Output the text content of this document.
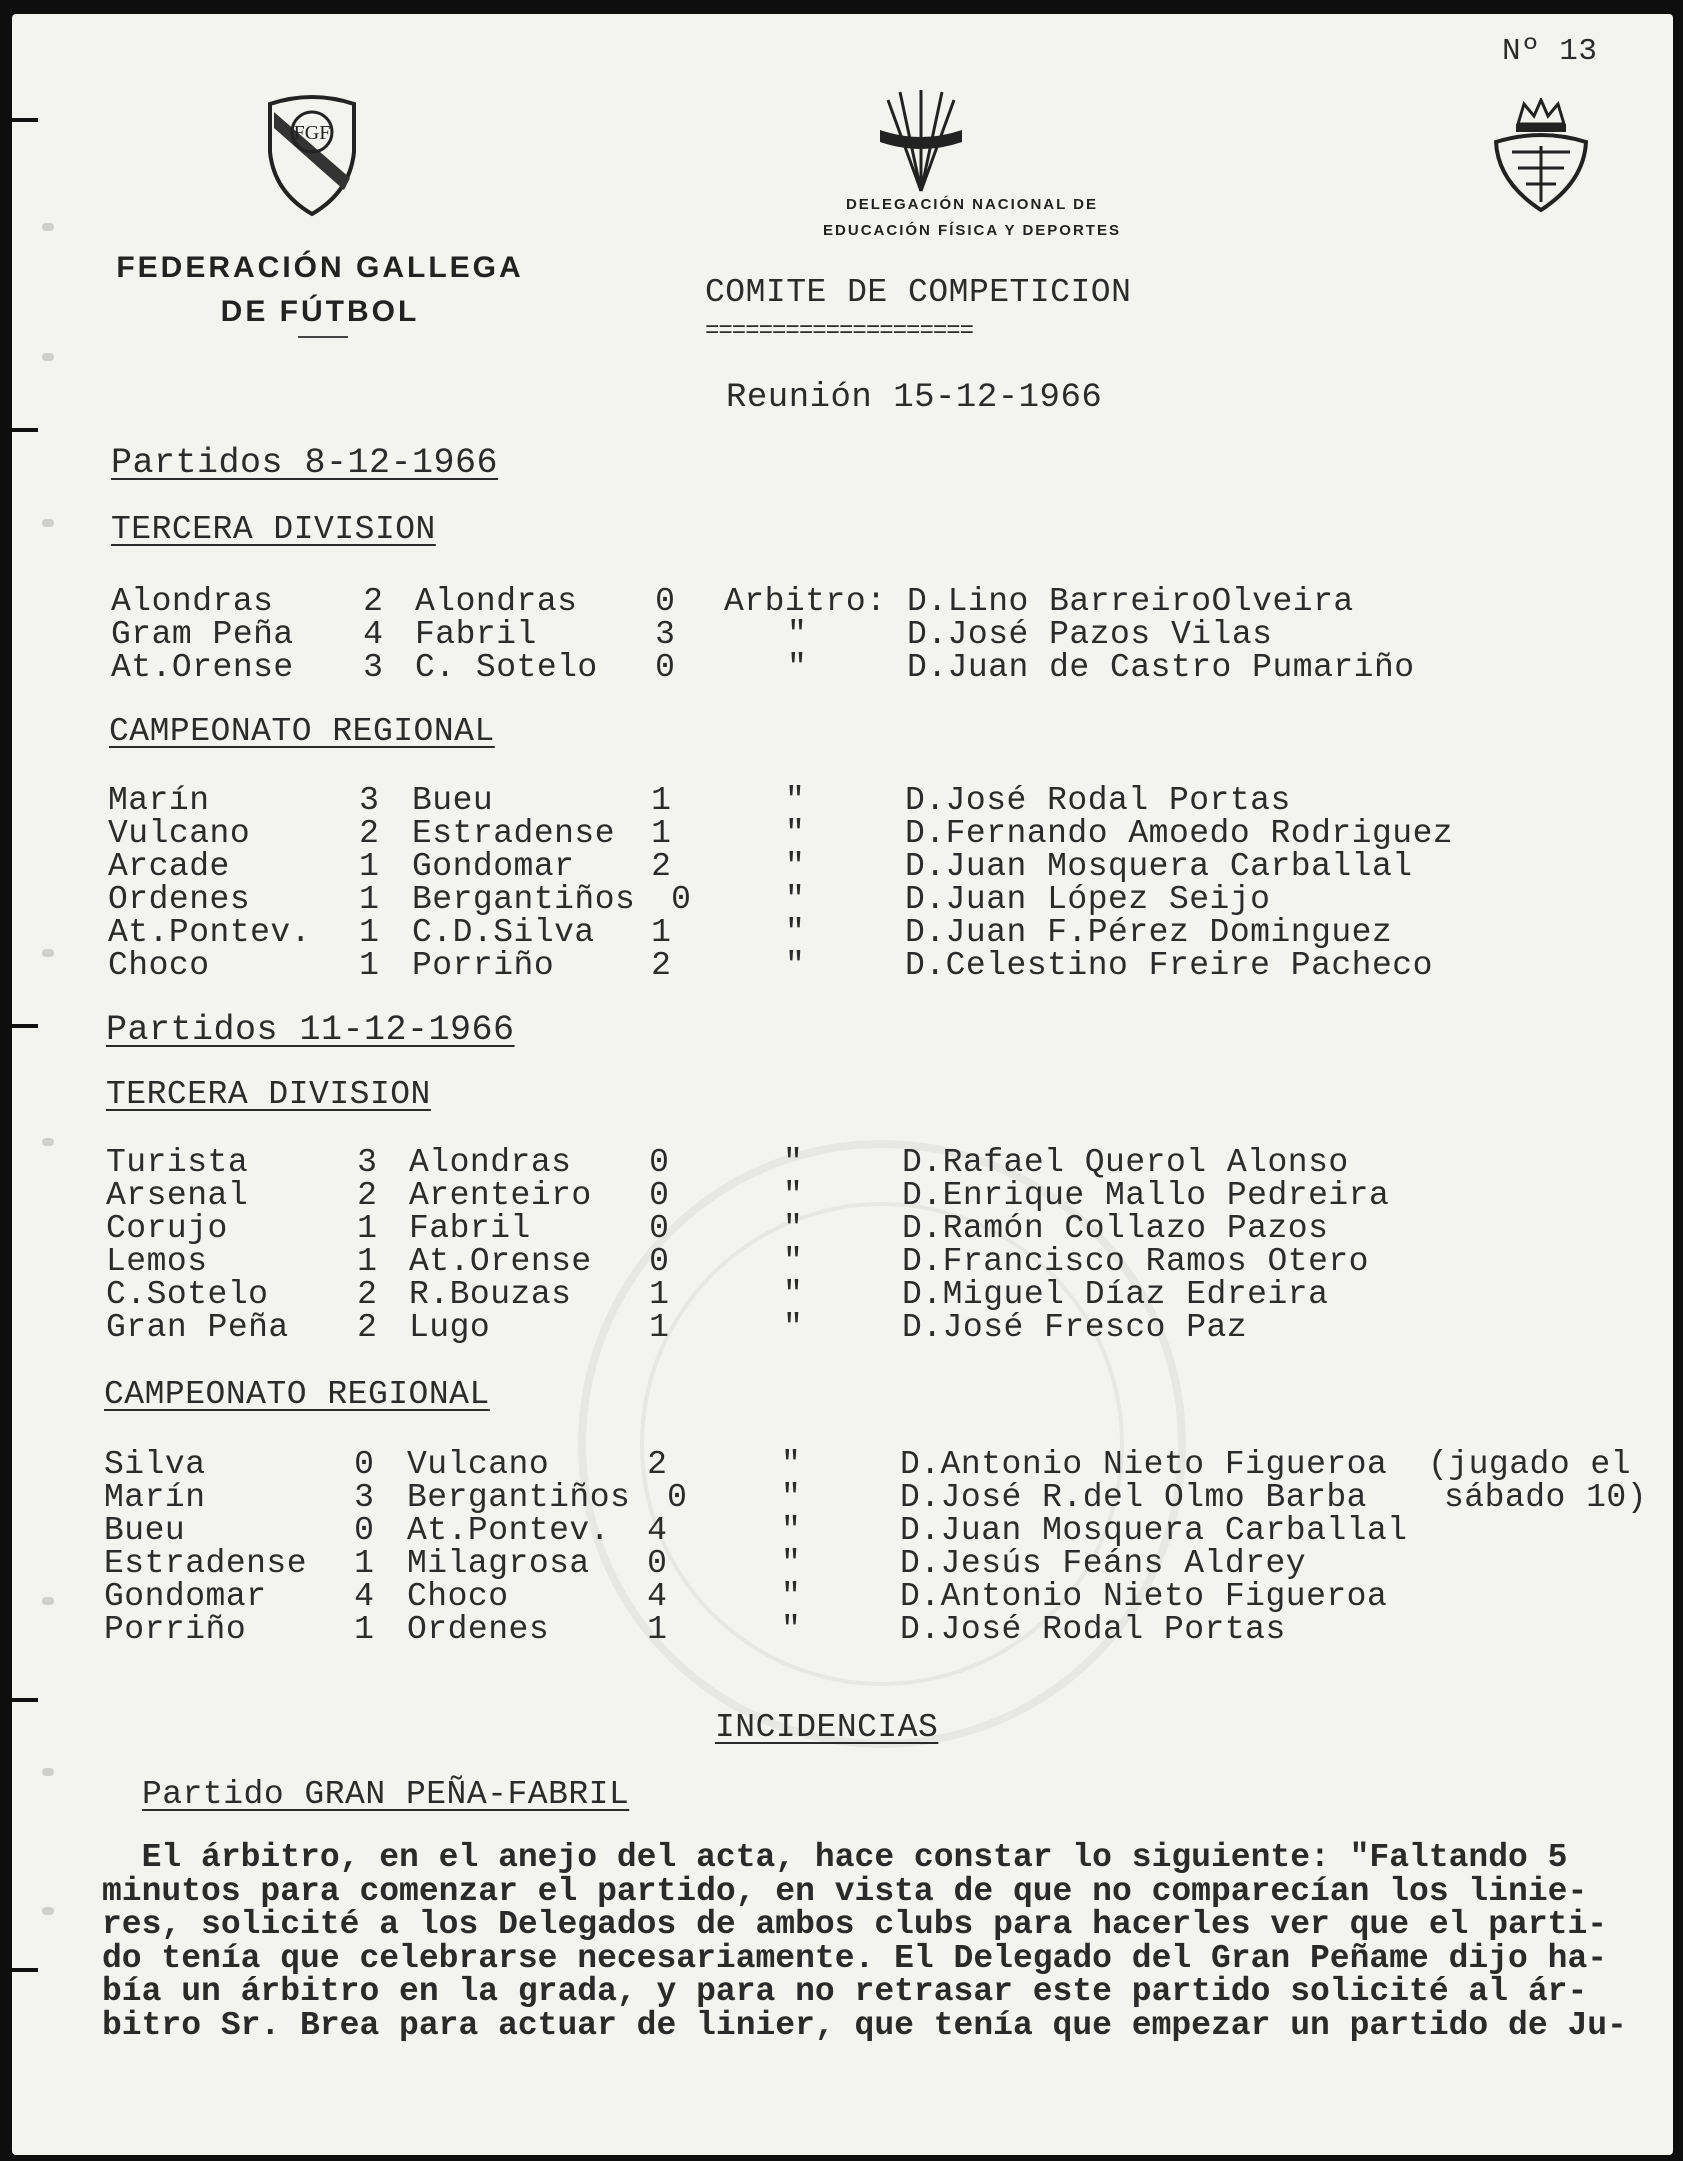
Nº 13
FGF
FEDERACIÓN GALLEGA
DE FÚTBOL
DELEGACIÓN NACIONAL DE
EDUCACIÓN FÍSICA Y DEPORTES
COMITE DE COMPETICION
====================
Reunión 15-12-1966
Partidos 8-12-1966
TERCERA DIVISION
Alondras	2 Alondras	0	Arbitro: D.Lino BarreiroOlveira
Gram Peña	4 Fabril	3	"	D.José Pazos Vilas
At.Orense	3 C. Sotelo	0	"	D.Juan de Castro Pumariño
CAMPEONATO REGIONAL
Marín	3	Bueu	1	"	D.José Rodal Portas
Vulcano	2	Estradense	1	"	D.Fernando Amoedo Rodriguez
Arcade	1	Gondomar	2	"	D.Juan Mosquera Carballal
Ordenes	1	Bergantiños	0	"	D.Juan López Seijo
At.Pontev.	1	C.D.Silva	1	"	D.Juan F.Pérez Dominguez
Choco	1	Porriño	2	"	D.Celestino Freire Pacheco
Partidos 11-12-1966
TERCERA DIVISION
Turista	3 Alondras	0	"	D.Rafael Querol Alonso
Arsenal	2 Arenteiro	0	"	D.Enrique Mallo Pedreira
Corujo	1 Fabril	0	"	D.Ramón Collazo Pazos
Lemos	1 At.Orense	0	"	D.Francisco Ramos Otero
C.Sotelo	2 R.Bouzas	1	"	D.Miguel Díaz Edreira
Gran Peña	2 Lugo	1	"	D.José Fresco Paz
CAMPEONATO REGIONAL
Silva	0	Vulcano	2	"	D.Antonio Nieto Figueroa (jugado el
Marín	3	Bergantiños	0	"	D.José R.del Olmo Barba sábado 10)
Bueu	0	At.Pontev.	4	"	D.Juan Mosquera Carballal
Estradense	1	Milagrosa	0	"	D.Jesús Feáns Aldrey
Gondomar	4	Choco	4	"	D.Antonio Nieto Figueroa
Porriño	1	Ordenes	1	"	D.José Rodal Portas
INCIDENCIAS
Partido GRAN PEÑA-FABRIL
El árbitro, en el anejo del acta, hace constar lo siguiente: "Faltando 5
minutos para comenzar el partido, en vista de que no comparecían los linie-
res, solicité a los Delegados de ambos clubs para hacerles ver que el parti-
do tenía que celebrarse necesariamente. El Delegado del Gran Peñame dijo ha-
bía un árbitro en la grada, y para no retrasar este partido solicité al ár-
bitro Sr. Brea para actuar de linier, que tenía que empezar un partido de Ju-
